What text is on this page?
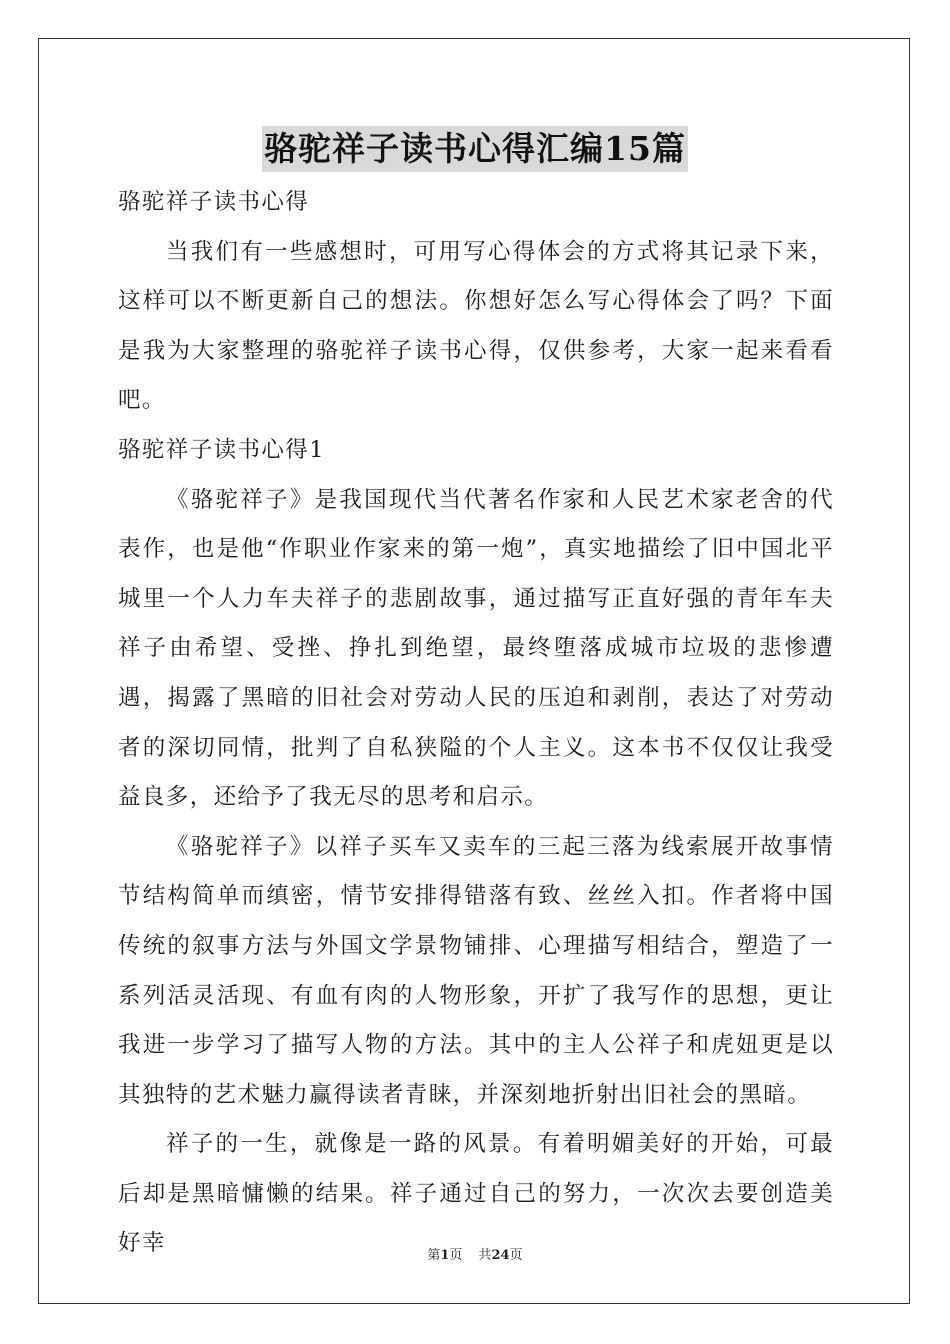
骆驼祥子读书心得汇编15篇

骆驼祥子读书心得

当我们有一些感想时，可用写心得体会的方式将其记录下来，这样可以不断更新自己的想法。你想好怎么写心得体会了吗？下面是我为大家整理的骆驼祥子读书心得，仅供参考，大家一起来看看吧。

骆驼祥子读书心得1

《骆驼祥子》是我国现代当代著名作家和人民艺术家老舍的代表作，也是他“作职业作家来的第一炮”，真实地描绘了旧中国北平城里一个人力车夫祥子的悲剧故事，通过描写正直好强的青年车夫祥子由希望、受挫、挣扎到绝望，最终堕落成城市垃圾的悲惨遭遇，揭露了黑暗的旧社会对劳动人民的压迫和剥削，表达了对劳动者的深切同情，批判了自私狭隘的个人主义。这本书不仅仅让我受益良多，还给予了我无尽的思考和启示。

《骆驼祥子》以祥子买车又卖车的三起三落为线索展开故事情节结构简单而缜密，情节安排得错落有致、丝丝入扣。作者将中国传统的叙事方法与外国文学景物铺排、心理描写相结合，塑造了一系列活灵活现、有血有肉的人物形象，开扩了我写作的思想，更让我进一步学习了描写人物的方法。其中的主人公祥子和虎妞更是以其独特的艺术魅力赢得读者青睐，并深刻地折射出旧社会的黑暗。

祥子的一生，就像是一路的风景。有着明媚美好的开始，可最后却是黑暗慵懒的结果。祥子通过自己的努力，一次次去要创造美好幸	第1页 共24页
